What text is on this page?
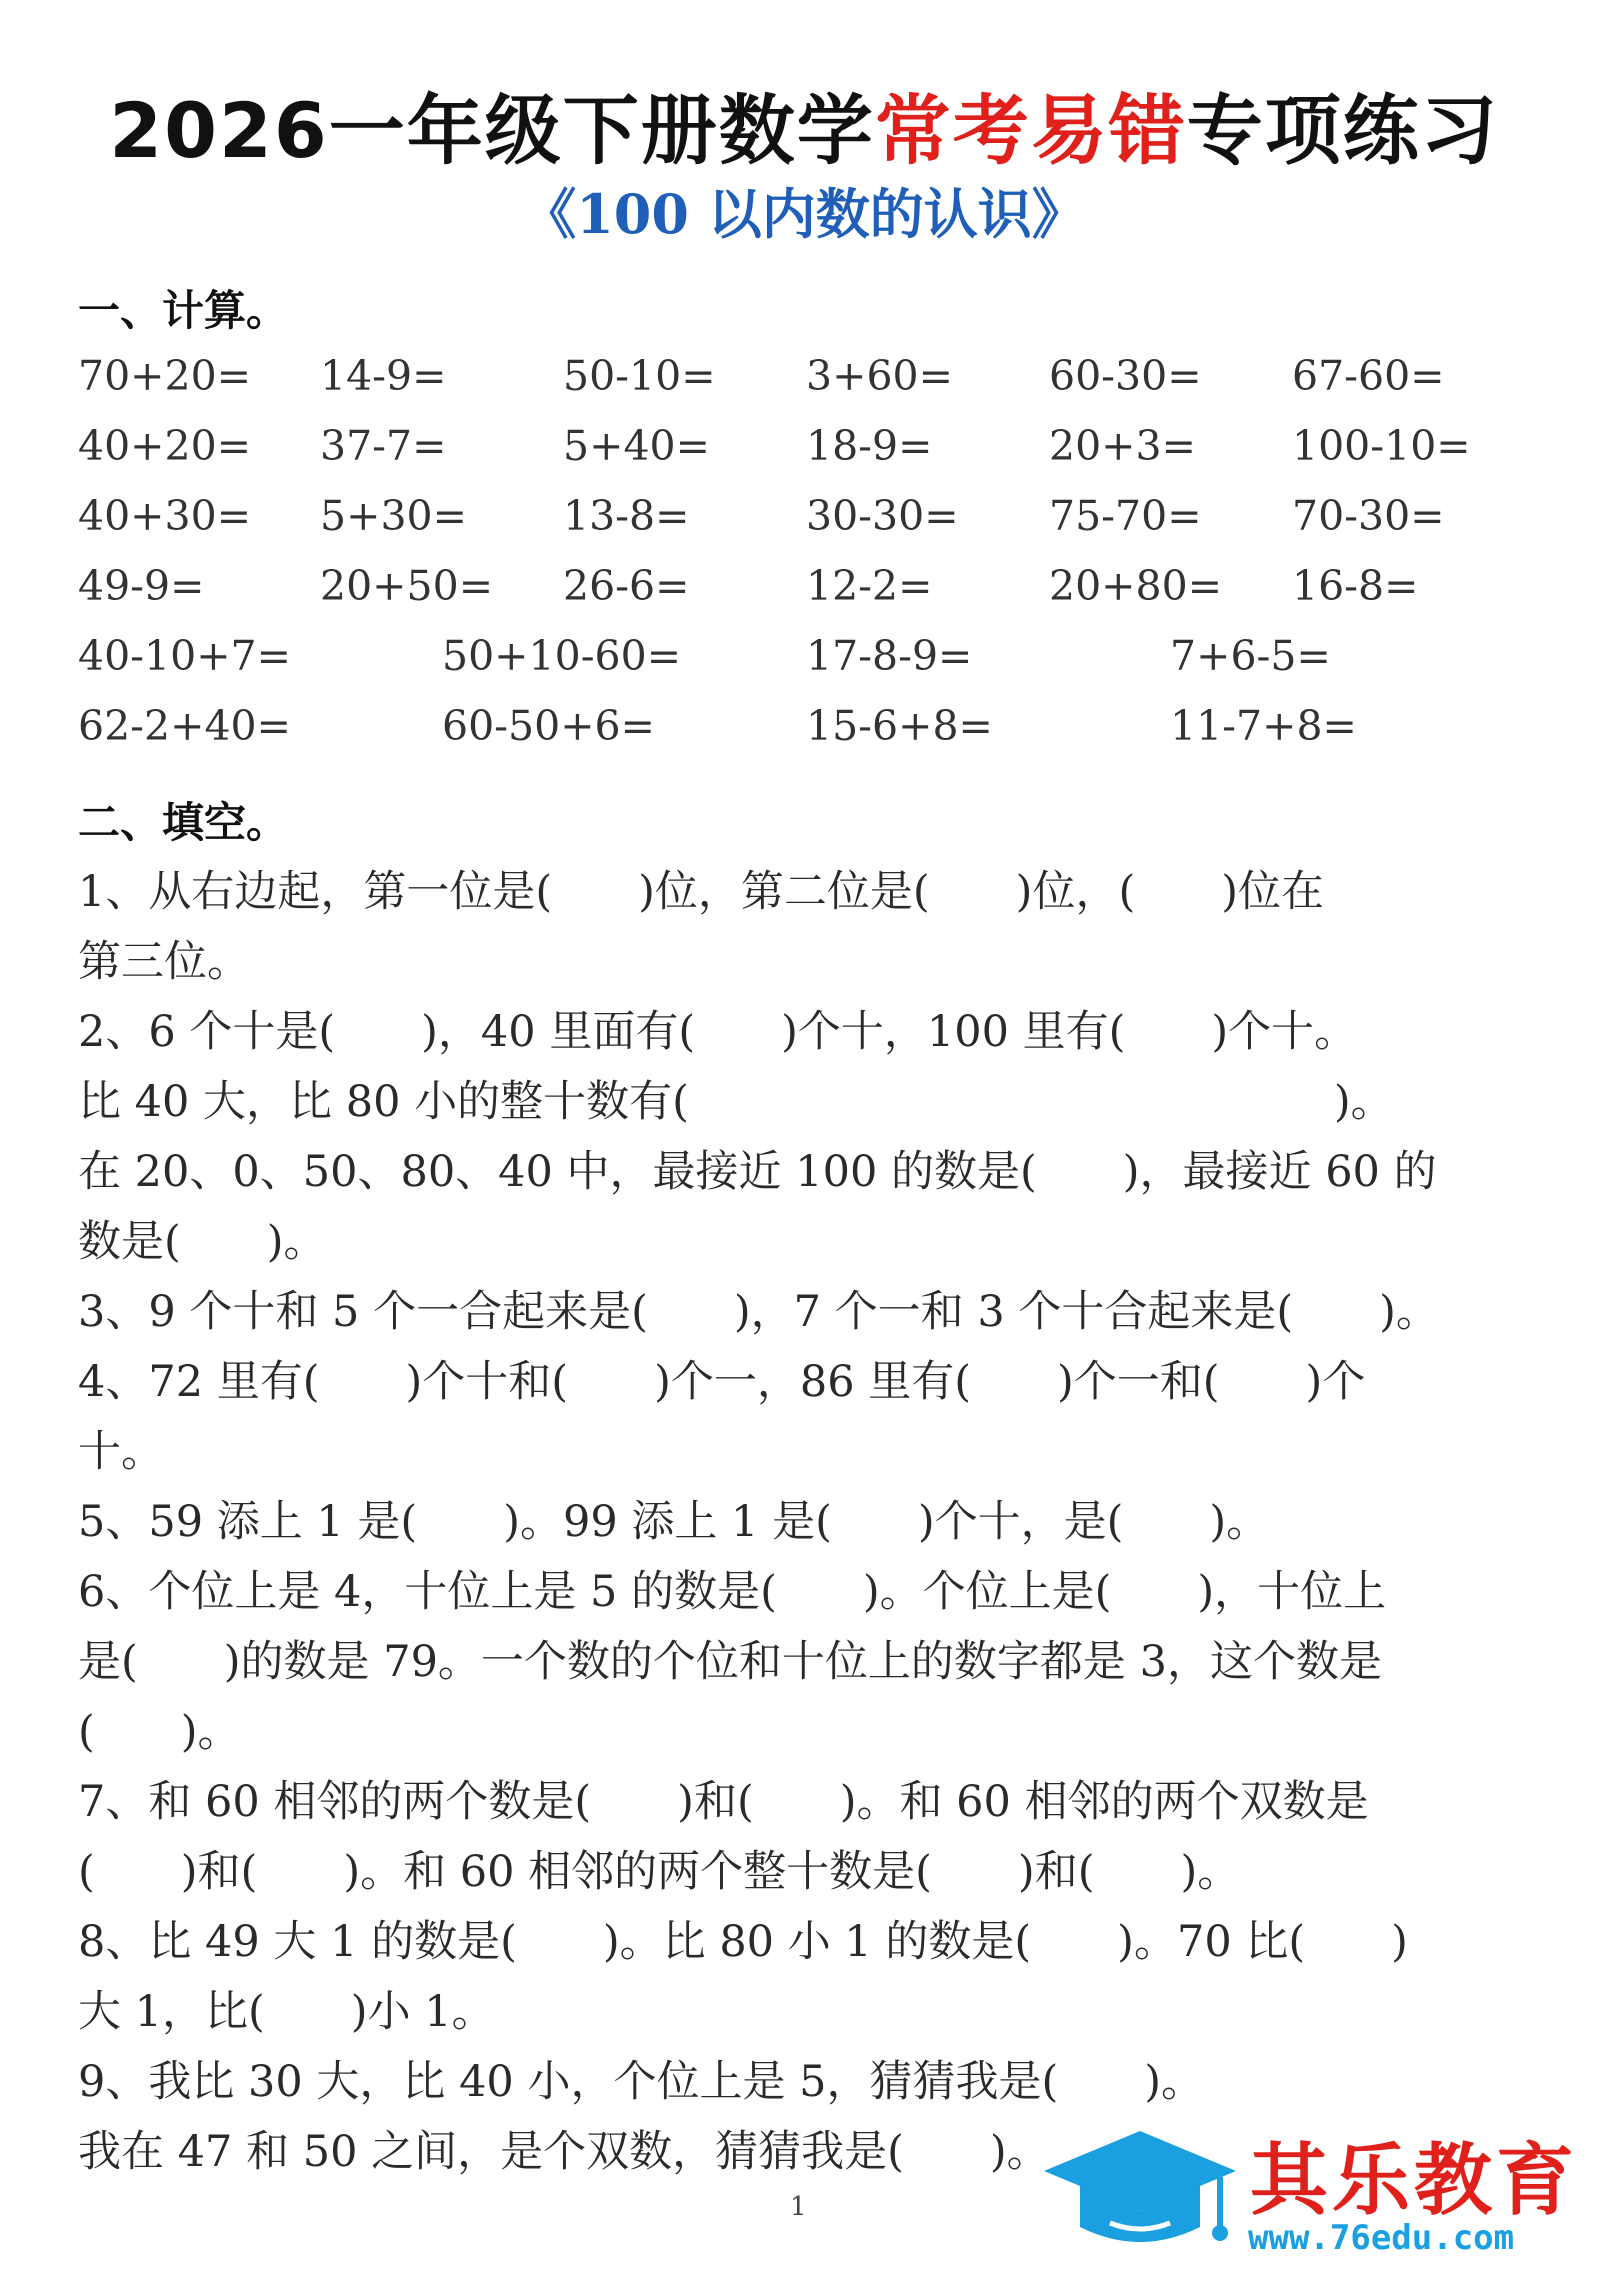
2026一年级下册数学常考易错专项练习
《100 以内数的认识》
一、计算。
70+20= 14-9=	50-10= 3+60= 60-30= 67-60=
40+20= 37-7=	5+40= 18-9=	20+3= 100-10=
40+30= 5+30= 13-8=	30-30= 75-70= 70-30=
49-9=	20+50= 26-6=	12-2=	20+80= 16-8=
40-10+7=	50+10-60=	17-8-9=	7+6-5=
62-2+40=	60-50+6=	15-6+8=	11-7+8=
二、填空。
1、从右边起，第一位是(　　)位，第二位是(　　)位，(　　)位在
第三位。
2、6 个十是(　　)，40 里面有(　　)个十，100 里有(　　)个十。
比 40 大，比 80 小的整十数有(　　　　　　　　　　　　　　　)。
在 20、0、50、80、40 中，最接近 100 的数是(　　)，最接近 60 的
数是(　　)。
3、9 个十和 5 个一合起来是(　　)，7 个一和 3 个十合起来是(　　)。
4、72 里有(　　)个十和(　　)个一，86 里有(　　)个一和(　　)个
十。
5、59 添上 1 是(　　)。99 添上 1 是(　　)个十，是(　　)。
6、个位上是 4，十位上是 5 的数是(　　)。个位上是(　　)，十位上
是(　　)的数是 79。一个数的个位和十位上的数字都是 3，这个数是
(　　)。
7、和 60 相邻的两个数是(　　)和(　　)。和 60 相邻的两个双数是
(　　)和(　　)。和 60 相邻的两个整十数是(　　)和(　　)。
8、比 49 大 1 的数是(　　)。比 80 小 1 的数是(　　)。70 比(　　)
大 1，比(　　)小 1。
9、我比 30 大，比 40 小，个位上是 5，猜猜我是(　　)。
我在 47 和 50 之间，是个双数，猜猜我是(　　)。
1	其乐教育
www.76edu.com
